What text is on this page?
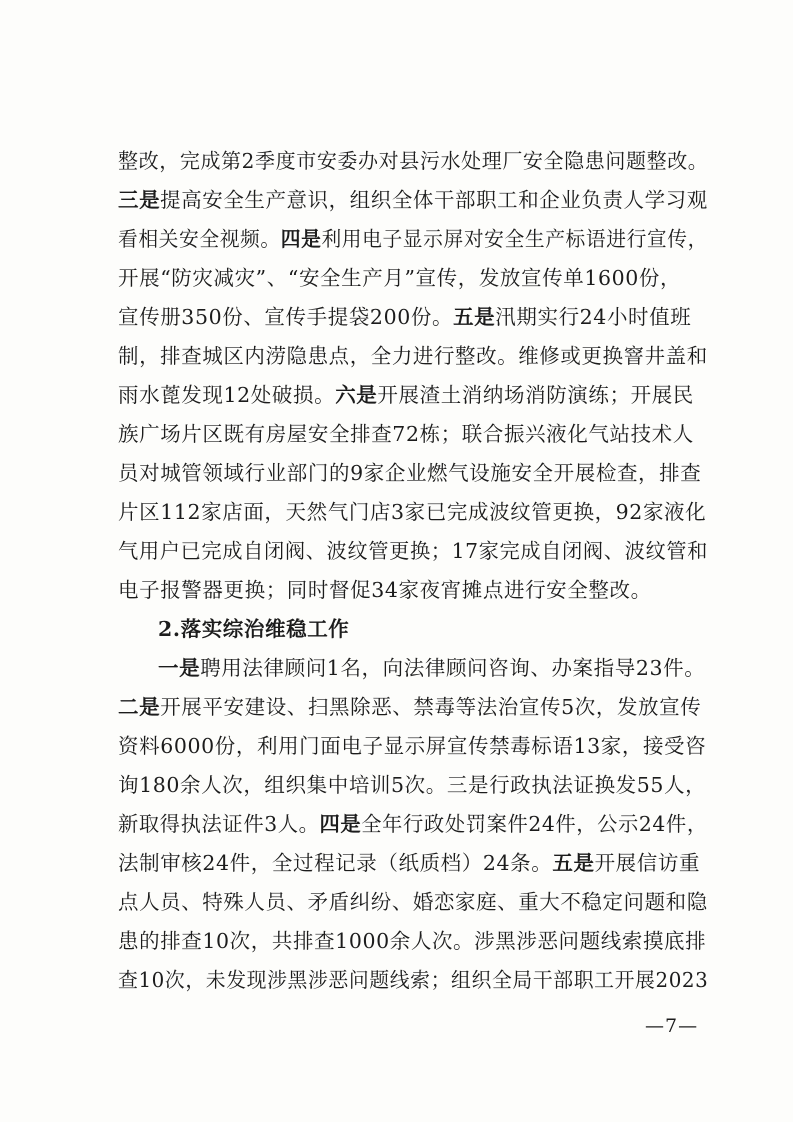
整改，完成第2季度市安委办对县污水处理厂安全隐患问题整改。
三是提高安全生产意识，组织全体干部职工和企业负责人学习观
看相关安全视频。四是利用电子显示屏对安全生产标语进行宣传，
开展“防灾减灾”、“安全生产月”宣传，发放宣传单1600份，
宣传册350份、宣传手提袋200份。五是汛期实行24小时值班
制，排查城区内涝隐患点，全力进行整改。维修或更换窨井盖和
雨水蓖发现12处破损。六是开展渣土消纳场消防演练；开展民
族广场片区既有房屋安全排查72栋；联合振兴液化气站技术人
员对城管领域行业部门的9家企业燃气设施安全开展检查，排查
片区112家店面，天然气门店3家已完成波纹管更换，92家液化
气用户已完成自闭阀、波纹管更换；17家完成自闭阀、波纹管和
电子报警器更换；同时督促34家夜宵摊点进行安全整改。
2.落实综治维稳工作
一是聘用法律顾问1名，向法律顾问咨询、办案指导23件。
二是开展平安建设、扫黑除恶、禁毒等法治宣传5次，发放宣传
资料6000份，利用门面电子显示屏宣传禁毒标语13家，接受咨
询180余人次，组织集中培训5次。三是行政执法证换发55人，
新取得执法证件3人。四是全年行政处罚案件24件，公示24件，
法制审核24件，全过程记录（纸质档）24条。五是开展信访重
点人员、特殊人员、矛盾纠纷、婚恋家庭、重大不稳定问题和隐
患的排查10次，共排查1000余人次。涉黑涉恶问题线索摸底排
查10次，未发现涉黑涉恶问题线索；组织全局干部职工开展2023
—7—
